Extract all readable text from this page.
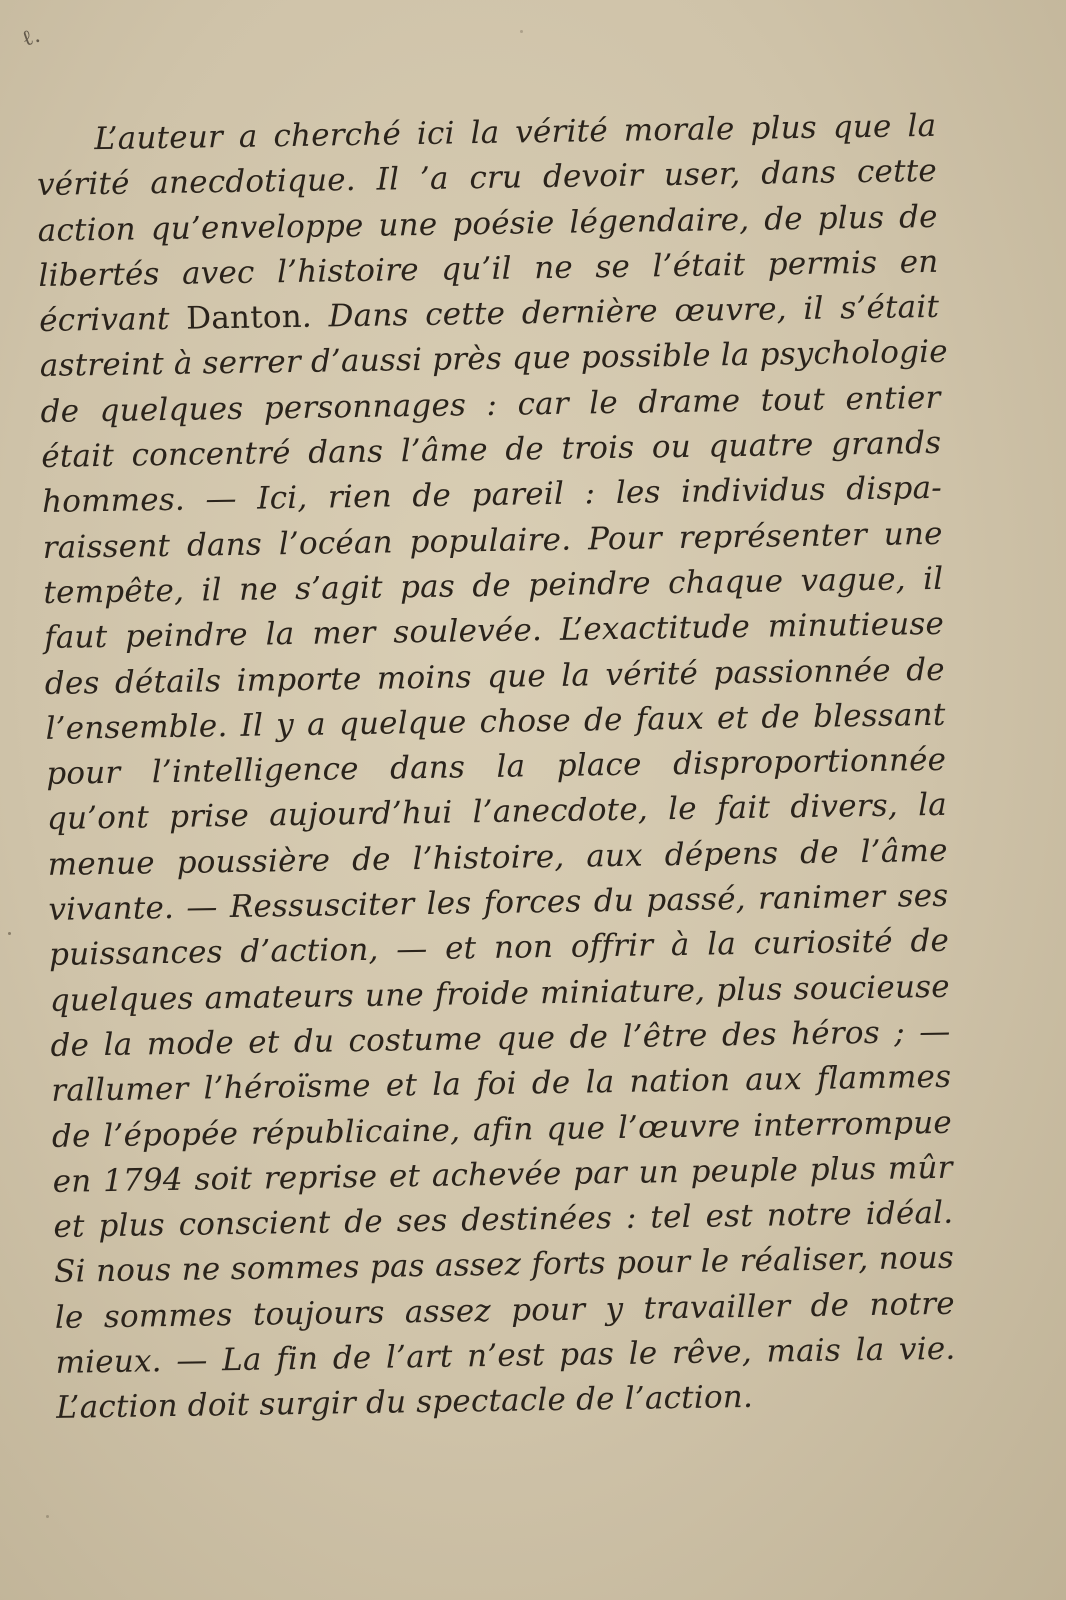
ℓ.
L’auteur a cherché ici la vérité morale plus que la
vérité anecdotique. Il ’a cru devoir user, dans cette
action qu’enveloppe une poésie légendaire, de plus de
libertés avec l’histoire qu’il ne se l’était permis en
écrivant Danton. Dans cette dernière œuvre, il s’était
astreint à serrer d’aussi près que possible la psychologie
de quelques personnages : car le drame tout entier
était concentré dans l’âme de trois ou quatre grands
hommes. — Ici, rien de pareil : les individus dispa-
raissent dans l’océan populaire. Pour représenter une
tempête, il ne s’agit pas de peindre chaque vague, il
faut peindre la mer soulevée. L’exactitude minutieuse
des détails importe moins que la vérité passionnée de
l’ensemble. Il y a quelque chose de faux et de blessant
pour l’intelligence dans la place disproportionnée
qu’ont prise aujourd’hui l’anecdote, le fait divers, la
menue poussière de l’histoire, aux dépens de l’âme
vivante. — Ressusciter les forces du passé, ranimer ses
puissances d’action, — et non offrir à la curiosité de
quelques amateurs une froide miniature, plus soucieuse
de la mode et du costume que de l’être des héros ; —
rallumer l’héroïsme et la foi de la nation aux flammes
de l’épopée républicaine, afin que l’œuvre interrompue
en 1794 soit reprise et achevée par un peuple plus mûr
et plus conscient de ses destinées : tel est notre idéal.
Si nous ne sommes pas assez forts pour le réaliser, nous
le sommes toujours assez pour y travailler de notre
mieux. — La fin de l’art n’est pas le rêve, mais la vie.
L’action doit surgir du spectacle de l’action.
